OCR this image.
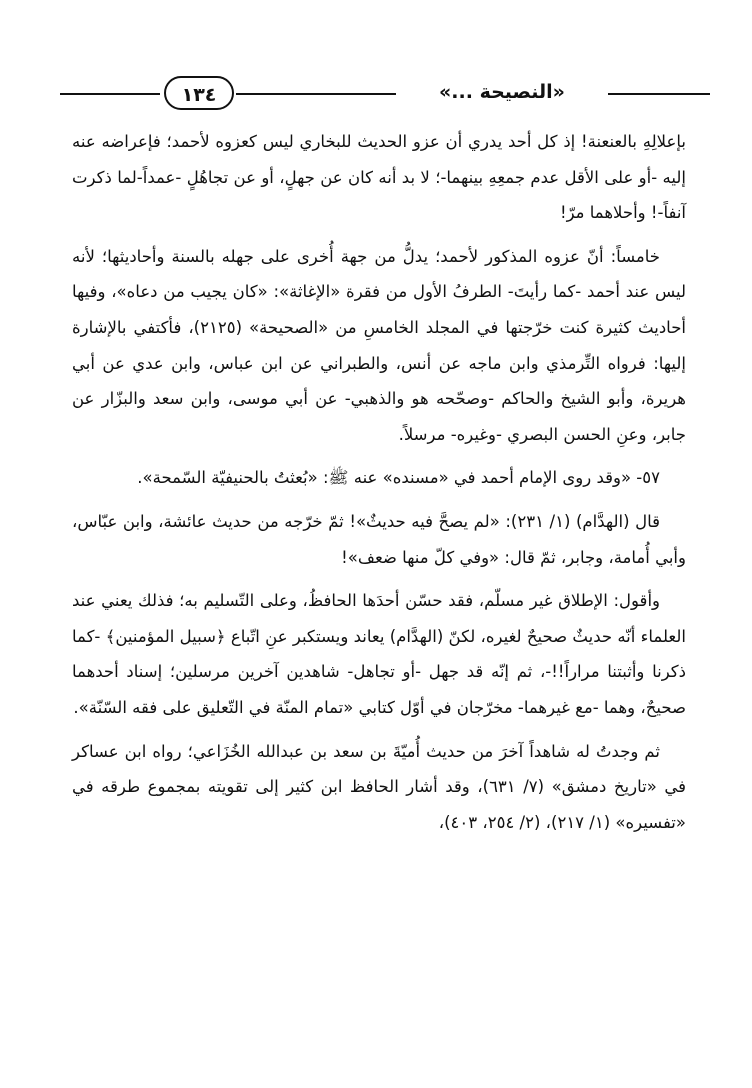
١٣٤	«النصيحة ...»

بإعلالِهِ بالعنعنة! إذ كل أحد يدري أن عزو الحديث للبخاري ليس كعزوه لأحمد؛ فإعراضه عنه إليه -أو على الأقل عدم جمعِهِ بينهما-؛ لا بد أنه كان عن جهلٍ، أو عن تجاهُلٍ -عمداً-لما ذكرت آنفاً-! وأحلاهما مرّ!

خامساً: أنّ عزوه المذكور لأحمد؛ يدلُّ من جهة أُخرى على جهله بالسنة وأحاديثها؛ لأنه ليس عند أحمد -كما رأيتَ- الطرفُ الأول من فقرة «الإغاثة»: «كان يجيب من دعاه»، وفيها أحاديث كثيرة كنت خرّجتها في المجلد الخامسِ من «الصحيحة» (٢١٢٥)، فأكتفي بالإشارة إليها: فرواه التِّرمذي وابن ماجه عن أنس، والطبراني عن ابن عباس، وابن عدي عن أبي هريرة، وأبو الشيخ والحاكم -وصحّحه هو والذهبي- عن أبي موسى، وابن سعد والبزّار عن جابر، وعنِ الحسن البصري -وغيره- مرسلاً.

٥٧- «وقد روى الإمام أحمد في «مسنده» عنه ﷺ: «بُعثتُ بالحنيفيّة السّمحة».

قال (الهدَّام) (١/ ٢٣١): «لم يصحَّ فيه حديثٌ»! ثمّ خرّجه من حديث عائشة، وابن عبّاس، وأبي أُمامة، وجابر، ثمّ قال: «وفي كلّ منها ضعف»!

وأقول: الإطلاق غير مسلّم، فقد حسّن أحدَها الحافظُ، وعلى التّسليم به؛ فذلك يعني عند العلماء أنّه حديثٌ صحيحٌ لغيره، لكنّ (الهدَّام) يعاند ويستكبر عنِ اتّباع ﴿سبيل المؤمنين﴾ -كما ذكرنا وأثبتنا مراراً!!-، ثم إنّه قد جهل -أو تجاهل- شاهدين آخرين مرسلين؛ إسناد أحدهما صحيحٌ، وهما -مع غيرهما- مخرّجان في أوّل كتابي «تمام المنّة في التّعليق على فقه السّنّة».

ثم وجدتُ له شاهداً آخرَ من حديث أُميّةَ بن سعد بن عبدالله الخُزَاعي؛ رواه ابن عساكر في «تاريخ دمشق» (٧/ ٦٣١)، وقد أشار الحافظ ابن كثير إلى تقويته بمجموع طرقه في «تفسيره» (١/ ٢١٧)، (٢/ ٢٥٤، ٤٠٣)،
